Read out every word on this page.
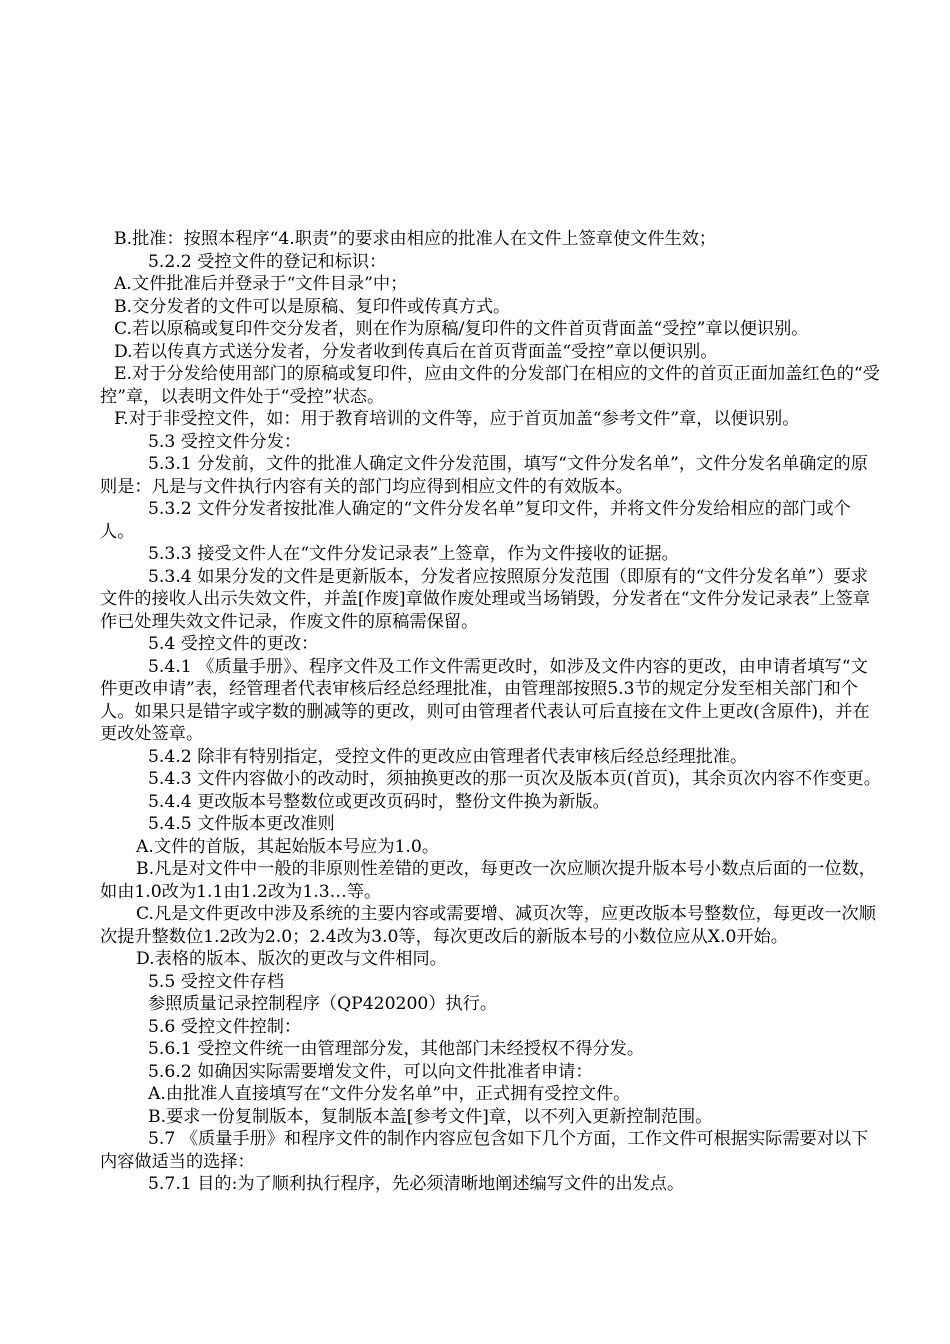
B.批准：按照本程序“4.职责”的要求由相应的批准人在文件上签章使文件生效；

5.2.2 受控文件的登记和标识：

A.文件批准后并登录于“文件目录”中；

B.交分发者的文件可以是原稿、复印件或传真方式。

C.若以原稿或复印件交分发者，则在作为原稿/复印件的文件首页背面盖“受控”章以便识别。

D.若以传真方式送分发者，分发者收到传真后在首页背面盖“受控”章以便识别。

E.对于分发给使用部门的原稿或复印件，应由文件的分发部门在相应的文件的首页正面加盖红色的“受控”章，以表明文件处于“受控”状态。

F.对于非受控文件，如：用于教育培训的文件等，应于首页加盖“参考文件”章，以便识别。

5.3 受控文件分发：

5.3.1 分发前，文件的批准人确定文件分发范围，填写“文件分发名单”，文件分发名单确定的原则是：凡是与文件执行内容有关的部门均应得到相应文件的有效版本。

5.3.2 文件分发者按批准人确定的“文件分发名单”复印文件，并将文件分发给相应的部门或个人。

5.3.3 接受文件人在“文件分发记录表”上签章，作为文件接收的证据。

5.3.4 如果分发的文件是更新版本，分发者应按照原分发范围（即原有的“文件分发名单”）要求文件的接收人出示失效文件，并盖[作废]章做作废处理或当场销毁，分发者在“文件分发记录表”上签章作已处理失效文件记录，作废文件的原稿需保留。

5.4 受控文件的更改：

5.4.1 《质量手册》、程序文件及工作文件需更改时，如涉及文件内容的更改，由申请者填写“文件更改申请”表，经管理者代表审核后经总经理批准，由管理部按照5.3节的规定分发至相关部门和个人。如果只是错字或字数的删减等的更改，则可由管理者代表认可后直接在文件上更改(含原件)，并在更改处签章。

5.4.2 除非有特别指定，受控文件的更改应由管理者代表审核后经总经理批准。

5.4.3 文件内容做小的改动时，须抽换更改的那一页次及版本页(首页)，其余页次内容不作变更。

5.4.4 更改版本号整数位或更改页码时，整份文件换为新版。

5.4.5 文件版本更改准则

A.文件的首版，其起始版本号应为1.0。

B.凡是对文件中一般的非原则性差错的更改，每更改一次应顺次提升版本号小数点后面的一位数，如由1.0改为1.1由1.2改为1.3…等。

C.凡是文件更改中涉及系统的主要内容或需要增、减页次等，应更改版本号整数位，每更改一次顺次提升整数位1.2改为2.0；2.4改为3.0等，每次更改后的新版本号的小数位应从X.0开始。

D.表格的版本、版次的更改与文件相同。

5.5 受控文件存档

参照质量记录控制程序（QP420200）执行。

5.6 受控文件控制：

5.6.1 受控文件统一由管理部分发，其他部门未经授权不得分发。

5.6.2 如确因实际需要增发文件，可以向文件批准者申请：

A.由批准人直接填写在“文件分发名单”中，正式拥有受控文件。

B.要求一份复制版本，复制版本盖[参考文件]章，以不列入更新控制范围。

5.7 《质量手册》和程序文件的制作内容应包含如下几个方面，工作文件可根据实际需要对以下内容做适当的选择：

5.7.1 目的:为了顺利执行程序，先必须清晰地阐述编写文件的出发点。
